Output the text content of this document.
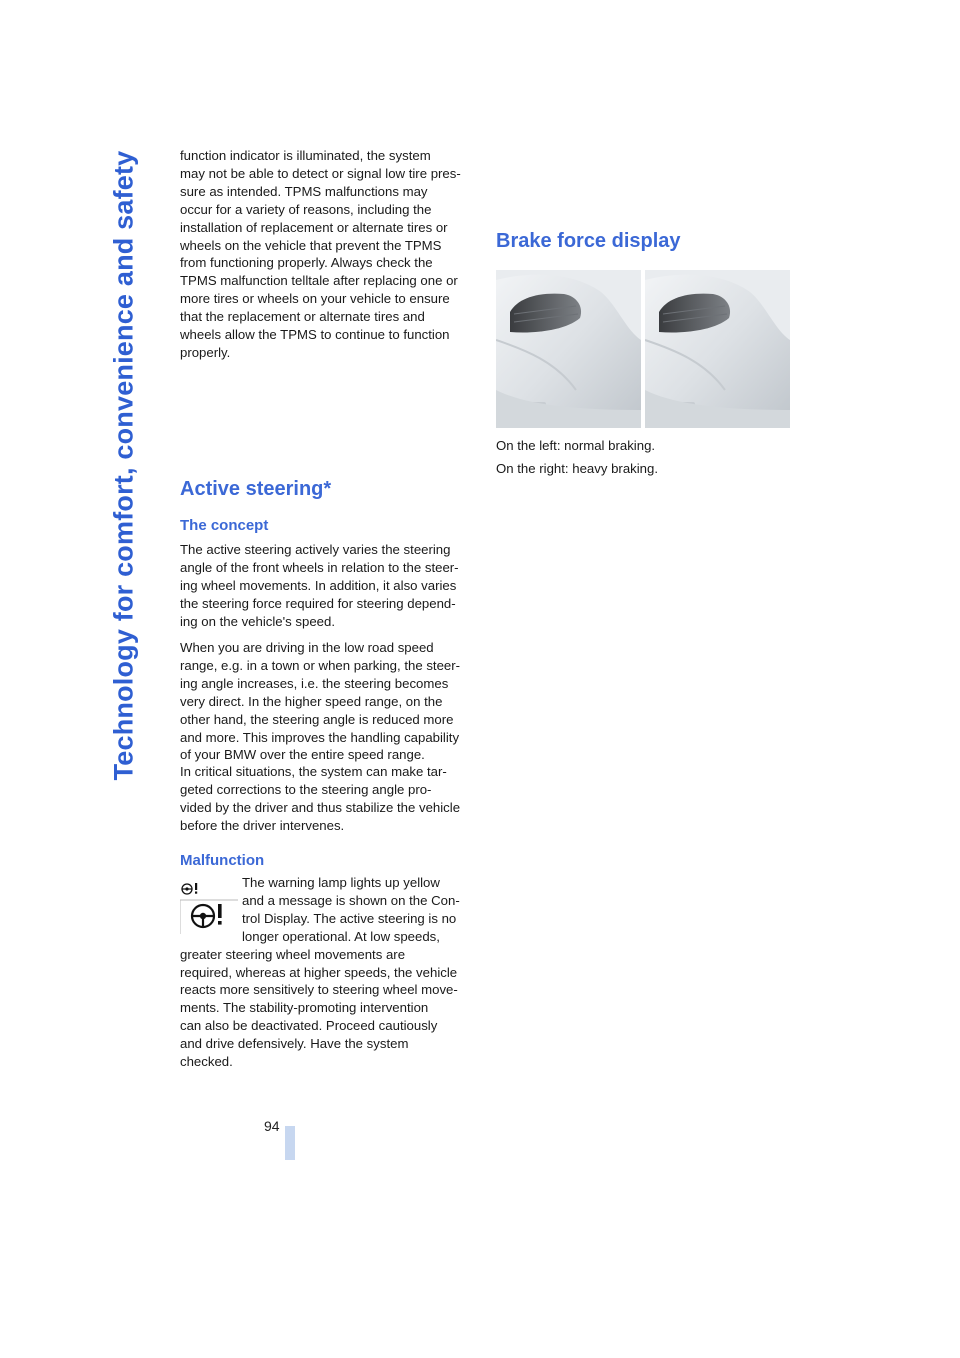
Technology for comfort, convenience and safety
94

function indicator is illuminated, the system

may not be able to detect or signal low tire pres-

sure as intended. TPMS malfunctions may

occur for a variety of reasons, including the

installation of replacement or alternate tires or

wheels on the vehicle that prevent the TPMS

from functioning properly. Always check the

TPMS malfunction telltale after replacing one or

more tires or wheels on your vehicle to ensure

that the replacement or alternate tires and

wheels allow the TPMS to continue to function

properly.

Active steering*
The concept

The active steering actively varies the steering

angle of the front wheels in relation to the steer-

ing wheel movements. In addition, it also varies

the steering force required for steering depend-

ing on the vehicle's speed.

When you are driving in the low road speed

range, e.g. in a town or when parking, the steer-

ing angle increases, i.e. the steering becomes

very direct. In the higher speed range, on the

other hand, the steering angle is reduced more

and more. This improves the handling capability

of your BMW over the entire speed range.

In critical situations, the system can make tar-

geted corrections to the steering angle pro-

vided by the driver and thus stabilize the vehicle

before the driver intervenes.

Malfunction

The warning lamp lights up yellow

and a message is shown on the Con-

trol Display. The active steering is no

longer operational. At low speeds,

greater steering wheel movements are

required, whereas at higher speeds, the vehicle

reacts more sensitively to steering wheel move-

ments. The stability-promoting intervention

can also be deactivated. Proceed cautiously

and drive defensively. Have the system

checked.

Brake force display

On the left: normal braking.

On the right: heavy braking.
